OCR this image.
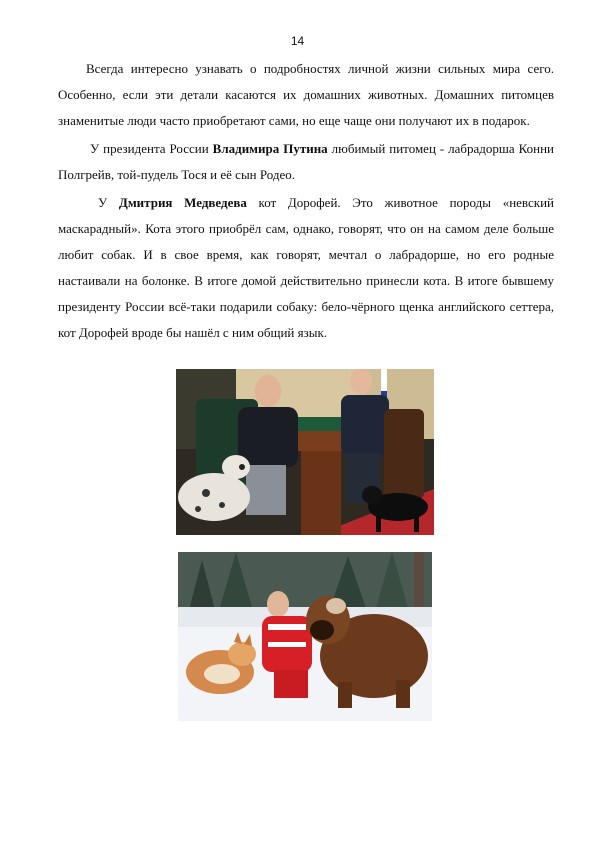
14

Всегда интересно узнавать о подробностях личной жизни сильных мира сего. Особенно, если эти детали касаются их домашних животных. Домашних питомцев знаменитые люди часто приобретают сами, но еще чаще они получают их в подарок.

У президента России Владимира Путина любимый питомец - лабрадорша Конни Полгрейв, той-пудель Тося и её сын Родео.

У Дмитрия Медведева кот Дорофей. Это животное породы «невский маскарадный». Кота этого приобрёл сам, однако, говорят, что он на самом деле больше любит собак. И в свое время, как говорят, мечтал о лабрадорше, но его родные настаивали на болонке. В итоге домой действительно принесли кота. В итоге бывшему президенту России всё-таки подарили собаку: бело-чёрного щенка английского сеттера, кот Дорофей вроде бы нашёл с ним общий язык.
